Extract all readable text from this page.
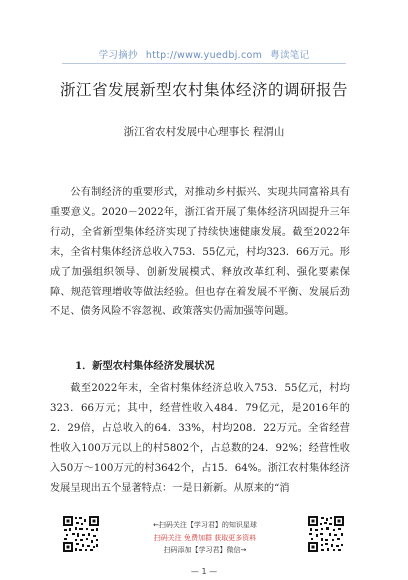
学习摘抄 http://www.yuedbj.com 粤读笔记
浙江省发展新型农村集体经济的调研报告
浙江省农村发展中心理事长 程渭山

公有制经济的重要形式，对推动乡村振兴、实现共同富裕具有重要意义。2020－2022年，浙江省开展了集体经济巩固提升三年行动，全省新型集体经济实现了持续快速健康发展。截至2022年末，全省村集体经济总收入753．55亿元，村均323．66万元。形成了加强组织领导、创新发展模式、释放改革红利、强化要素保障、规范管理增收等做法经验。但也存在着发展不平衡、发展后劲不足、债务风险不容忽视、政策落实仍需加强等问题。

1．新型农村集体经济发展状况

截至2022年末，全省村集体经济总收入753．55亿元，村均323．66万元；其中，经营性收入484．79亿元，是2016年的2．29倍，占总收入的64．33%，村均208．22万元。全省经营性收入100万元以上的村5802个，占总数的24．92%；经营性收入50万～100万元的村3642个，占15．64%。浙江农村集体经济发展呈现出五个显著特点：一是日新新。从原来的“消

←扫码关注【学习君】的知识星球
扫码关注 免费加群 获取更多资料
扫码添加【学习君】微信→
— 1 —
